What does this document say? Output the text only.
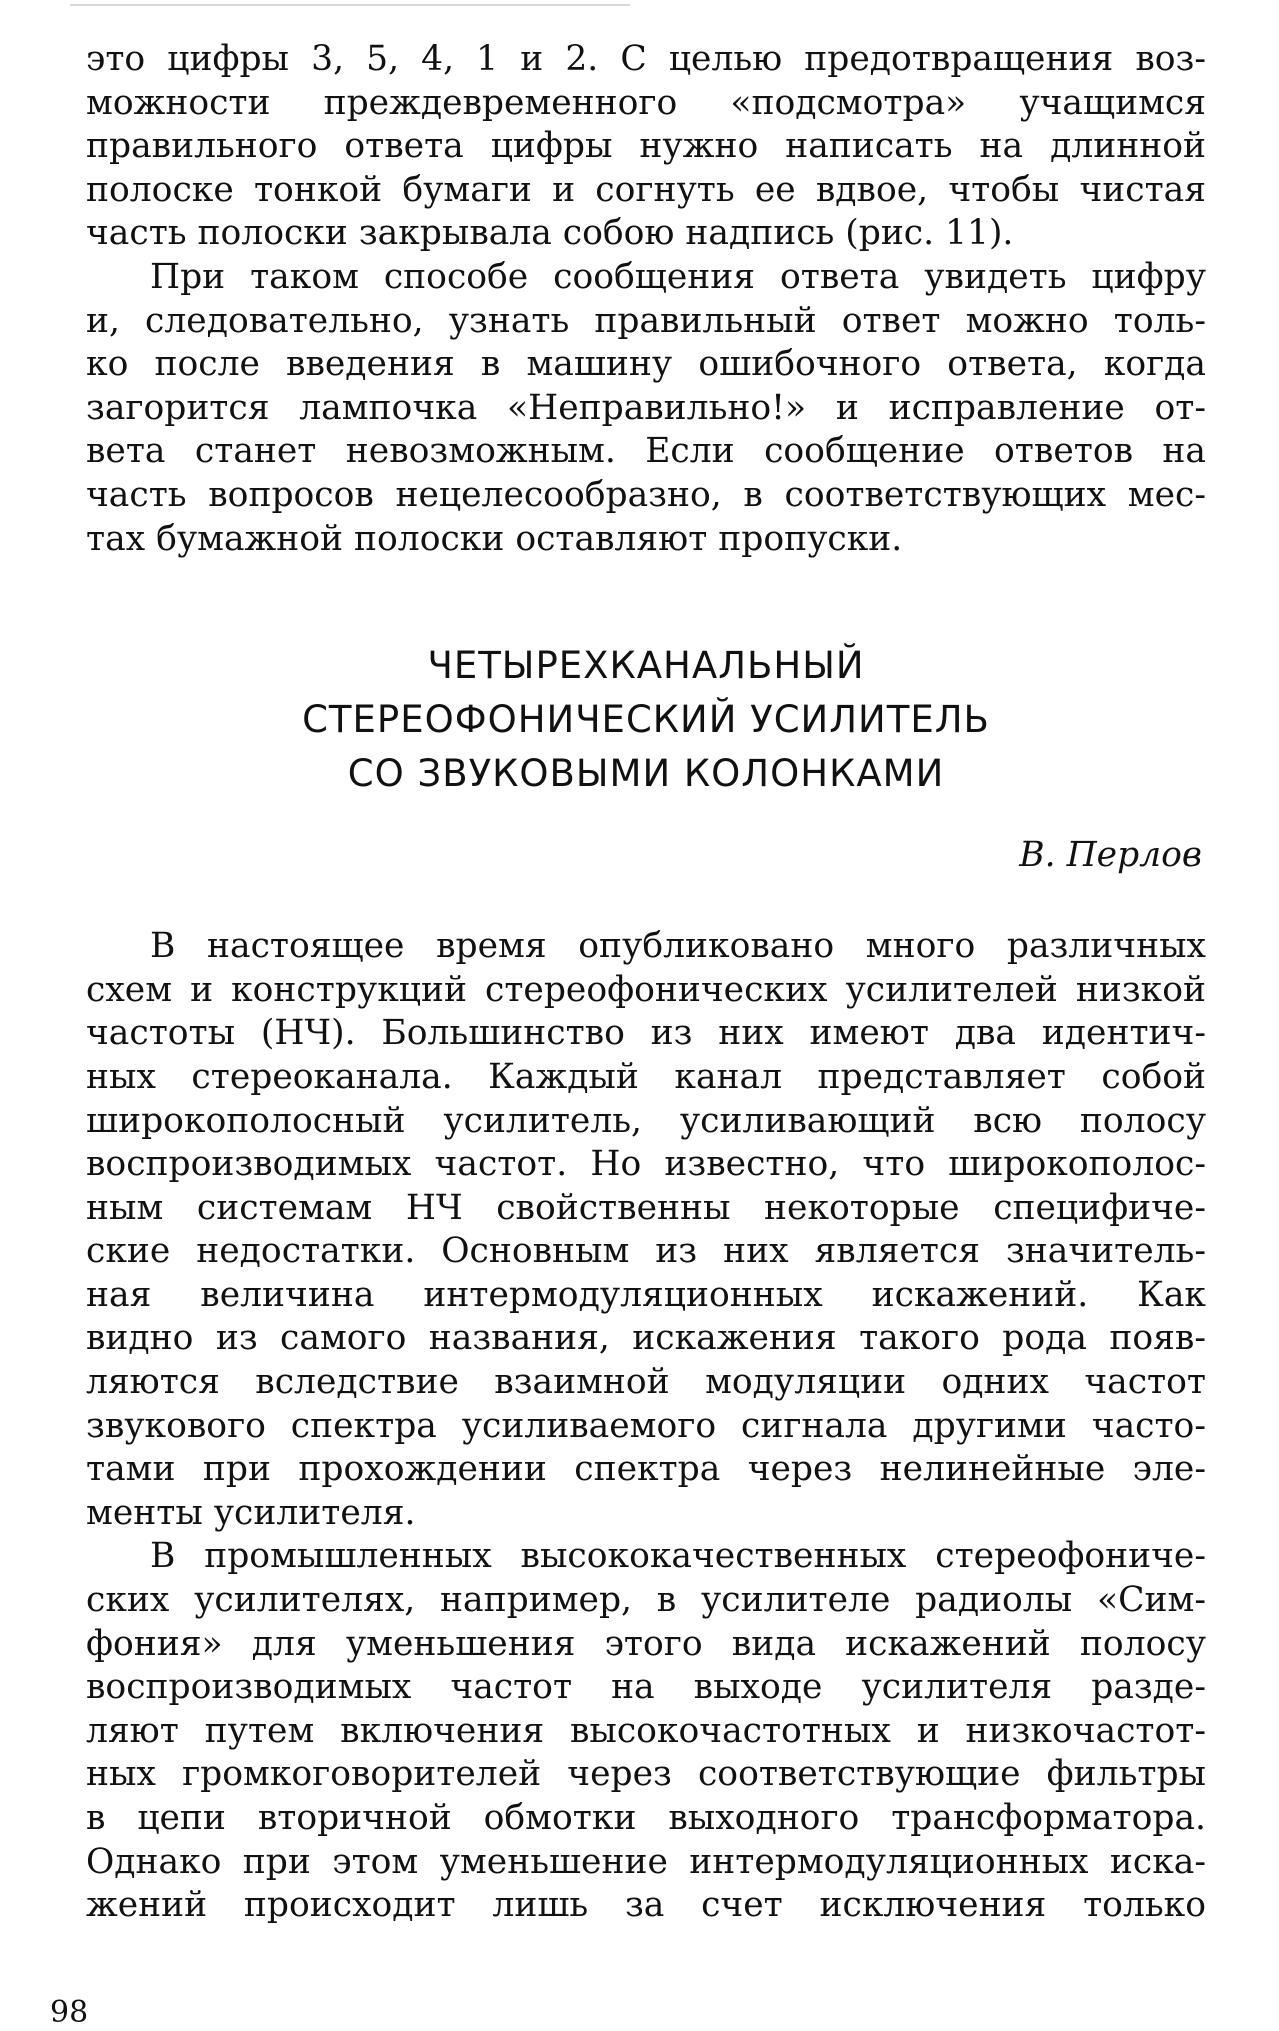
это цифры 3, 5, 4, 1 и 2. С целью предотвращения воз-
можности преждевременного «подсмотра» учащимся
правильного ответа цифры нужно написать на длинной
полоске тонкой бумаги и согнуть ее вдвое, чтобы чистая
часть полоски закрывала собою надпись (рис. 11).

При таком способе сообщения ответа увидеть цифру
и, следовательно, узнать правильный ответ можно толь-
ко после введения в машину ошибочного ответа, когда
загорится лампочка «Неправильно!» и исправление от-
вета станет невозможным. Если сообщение ответов на
часть вопросов нецелесообразно, в соответствующих мес-
тах бумажной полоски оставляют пропуски.

ЧЕТЫРЕХКАНАЛЬНЫЙ
СТЕРЕОФОНИЧЕСКИЙ УСИЛИТЕЛЬ
СО ЗВУКОВЫМИ КОЛОНКАМИ
В. Перлов

В настоящее время опубликовано много различных
схем и конструкций стереофонических усилителей низкой
частоты (НЧ). Большинство из них имеют два идентич-
ных стереоканала. Каждый канал представляет собой
широкополосный усилитель, усиливающий всю полосу
воспроизводимых частот. Но известно, что широкополос-
ным системам НЧ свойственны некоторые специфиче-
ские недостатки. Основным из них является значитель-
ная величина интермодуляционных искажений. Как
видно из самого названия, искажения такого рода появ-
ляются вследствие взаимной модуляции одних частот
звукового спектра усиливаемого сигнала другими часто-
тами при прохождении спектра через нелинейные эле-
менты усилителя.

В промышленных высококачественных стереофониче-
ских усилителях, например, в усилителе радиолы «Сим-
фония» для уменьшения этого вида искажений полосу
воспроизводимых частот на выходе усилителя разде-
ляют путем включения высокочастотных и низкочастот-
ных громкоговорителей через соответствующие фильтры
в цепи вторичной обмотки выходного трансформатора.
Однако при этом уменьшение интермодуляционных иска-
жений происходит лишь за счет исключения только

98
